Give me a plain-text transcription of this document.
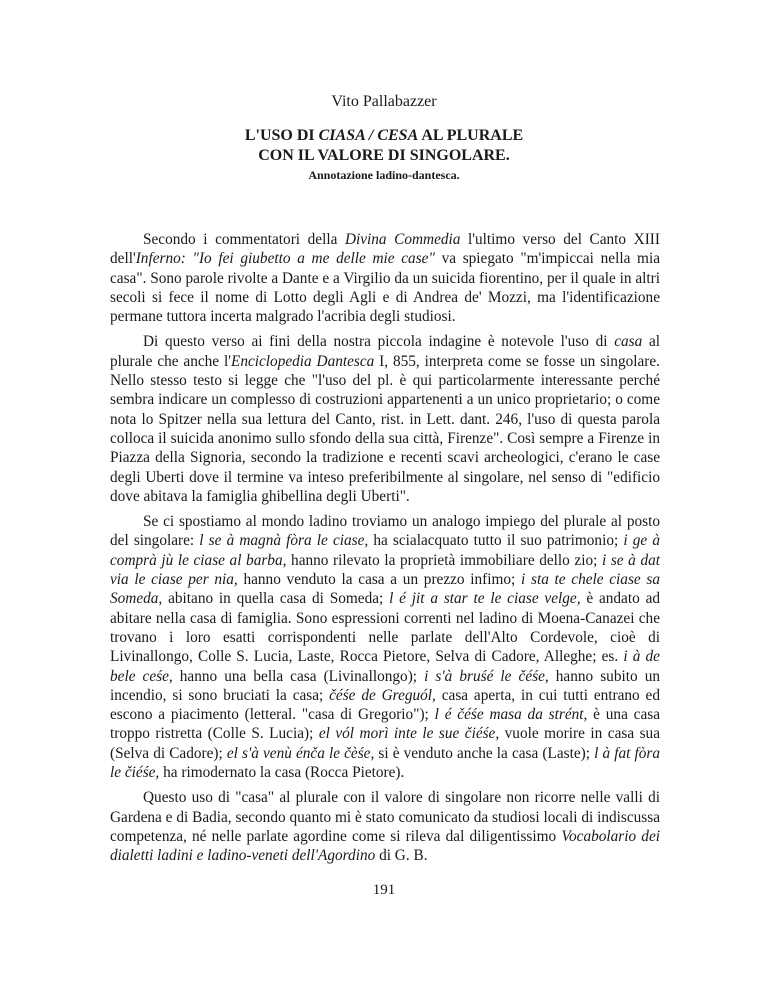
Vito Pallabazzer
L'USO DI CIASA / CESA AL PLURALE
CON IL VALORE DI SINGOLARE.
Annotazione ladino-dantesca.

Secondo i commentatori della Divina Commedia l'ultimo verso del Canto XIII dell'Inferno: "Io fei giubetto a me delle mie case" va spiegato "m'impiccai nella mia casa". Sono parole rivolte a Dante e a Virgilio da un suicida fiorentino, per il quale in altri secoli si fece il nome di Lotto degli Agli e di Andrea de' Mozzi, ma l'identificazione permane tuttora incerta malgrado l'acribia degli studiosi.

Di questo verso ai fini della nostra piccola indagine è notevole l'uso di casa al plurale che anche l'Enciclopedia Dantesca I, 855, interpreta come se fosse un singolare. Nello stesso testo si legge che "l'uso del pl. è qui particolarmente interessante perché sembra indicare un complesso di costruzioni appartenenti a un unico proprietario; o come nota lo Spitzer nella sua lettura del Canto, rist. in Lett. dant. 246, l'uso di questa parola colloca il suicida anonimo sullo sfondo della sua città, Firenze". Così sempre a Firenze in Piazza della Signoria, secondo la tradizione e recenti scavi archeologici, c'erano le case degli Uberti dove il termine va inteso preferibilmente al singolare, nel senso di "edificio dove abitava la famiglia ghibellina degli Uberti".

Se ci spostiamo al mondo ladino troviamo un analogo impiego del plurale al posto del singolare: l se à magnà fòra le ciase, ha scialacquato tutto il suo patrimonio; i ge à comprà jù le ciase al barba, hanno rilevato la proprietà immobiliare dello zio; i se à dat via le ciase per nia, hanno venduto la casa a un prezzo infimo; i sta te chele ciase sa Someda, abitano in quella casa di Someda; l é jit a star te le ciase velge, è andato ad abitare nella casa di famiglia. Sono espressioni correnti nel ladino di Moena-Canazei che trovano i loro esatti corrispondenti nelle parlate dell'Alto Cordevole, cioè di Livinallongo, Colle S. Lucia, Laste, Rocca Pietore, Selva di Cadore, Alleghe; es. i à de bele ceśe, hanno una bella casa (Livinallongo); i s'à bruśé le čéśe, hanno subito un incendio, si sono bruciati la casa; čéśe de Greguól, casa aperta, in cui tutti entrano ed escono a piacimento (letteral. "casa di Gregorio"); l é čéśe masa da strént, è una casa troppo ristretta (Colle S. Lucia); el vól morì inte le sue čiéśe, vuole morire in casa sua (Selva di Cadore); el s'à venù énča le čèśe, si è venduto anche la casa (Laste); l à fat fòra le čiéśe, ha rimodernato la casa (Rocca Pietore).

Questo uso di "casa" al plurale con il valore di singolare non ricorre nelle valli di Gardena e di Badia, secondo quanto mi è stato comunicato da studiosi locali di indiscussa competenza, né nelle parlate agordine come si rileva dal diligentissimo Vocabolario dei dialetti ladini e ladino-veneti dell'Agordino di G. B.

191
